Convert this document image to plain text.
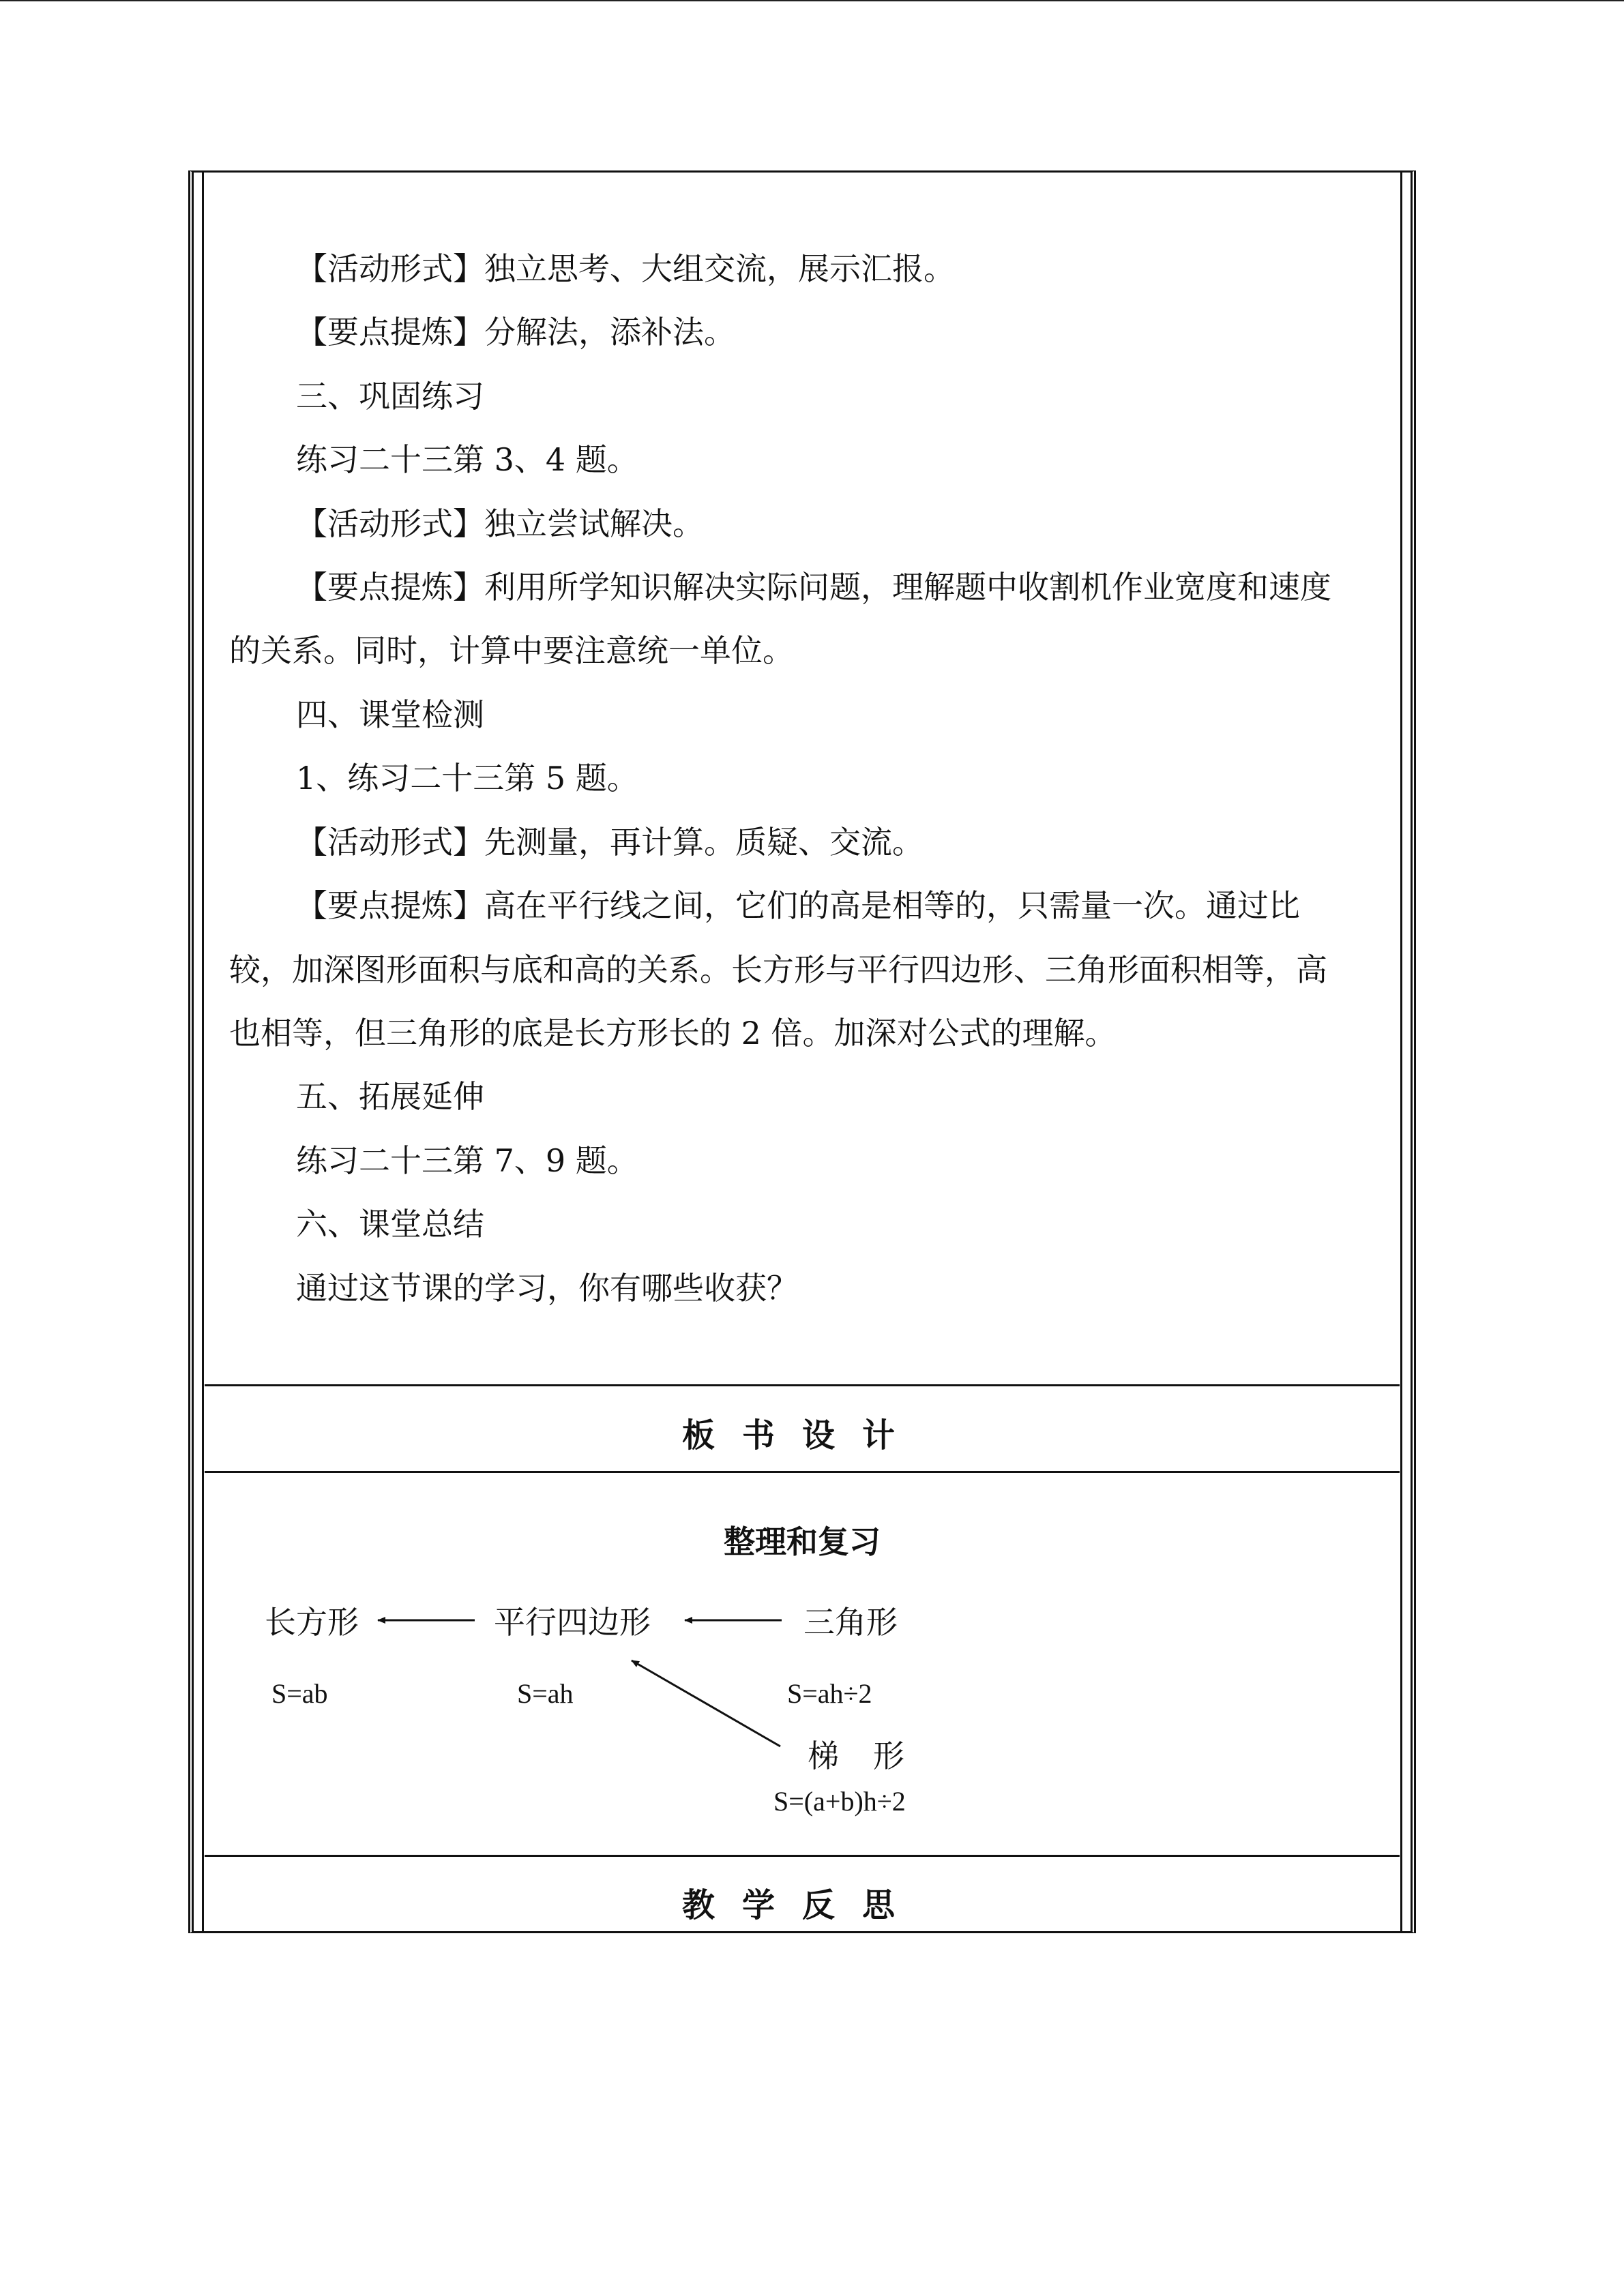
【活动形式】独立思考、大组交流，展示汇报。
【要点提炼】分解法，添补法。
三、巩固练习
练习二十三第 3、4 题。
【活动形式】独立尝试解决。
【要点提炼】利用所学知识解决实际问题，理解题中收割机作业宽度和速度
的关系。同时，计算中要注意统一单位。
四、课堂检测
1、练习二十三第 5 题。
【活动形式】先测量，再计算。质疑、交流。
【要点提炼】高在平行线之间，它们的高是相等的，只需量一次。通过比
较，加深图形面积与底和高的关系。长方形与平行四边形、三角形面积相等，高
也相等，但三角形的底是长方形长的 2 倍。加深对公式的理解。
五、拓展延伸
练习二十三第 7、9 题。
六、课堂总结
通过这节课的学习，你有哪些收获？
板书设计
整理和复习
长方形	平行四边形	三角形
S=ab	S=ah	S=ah÷2
梯形
S=(a+b)h÷2
教学反思
